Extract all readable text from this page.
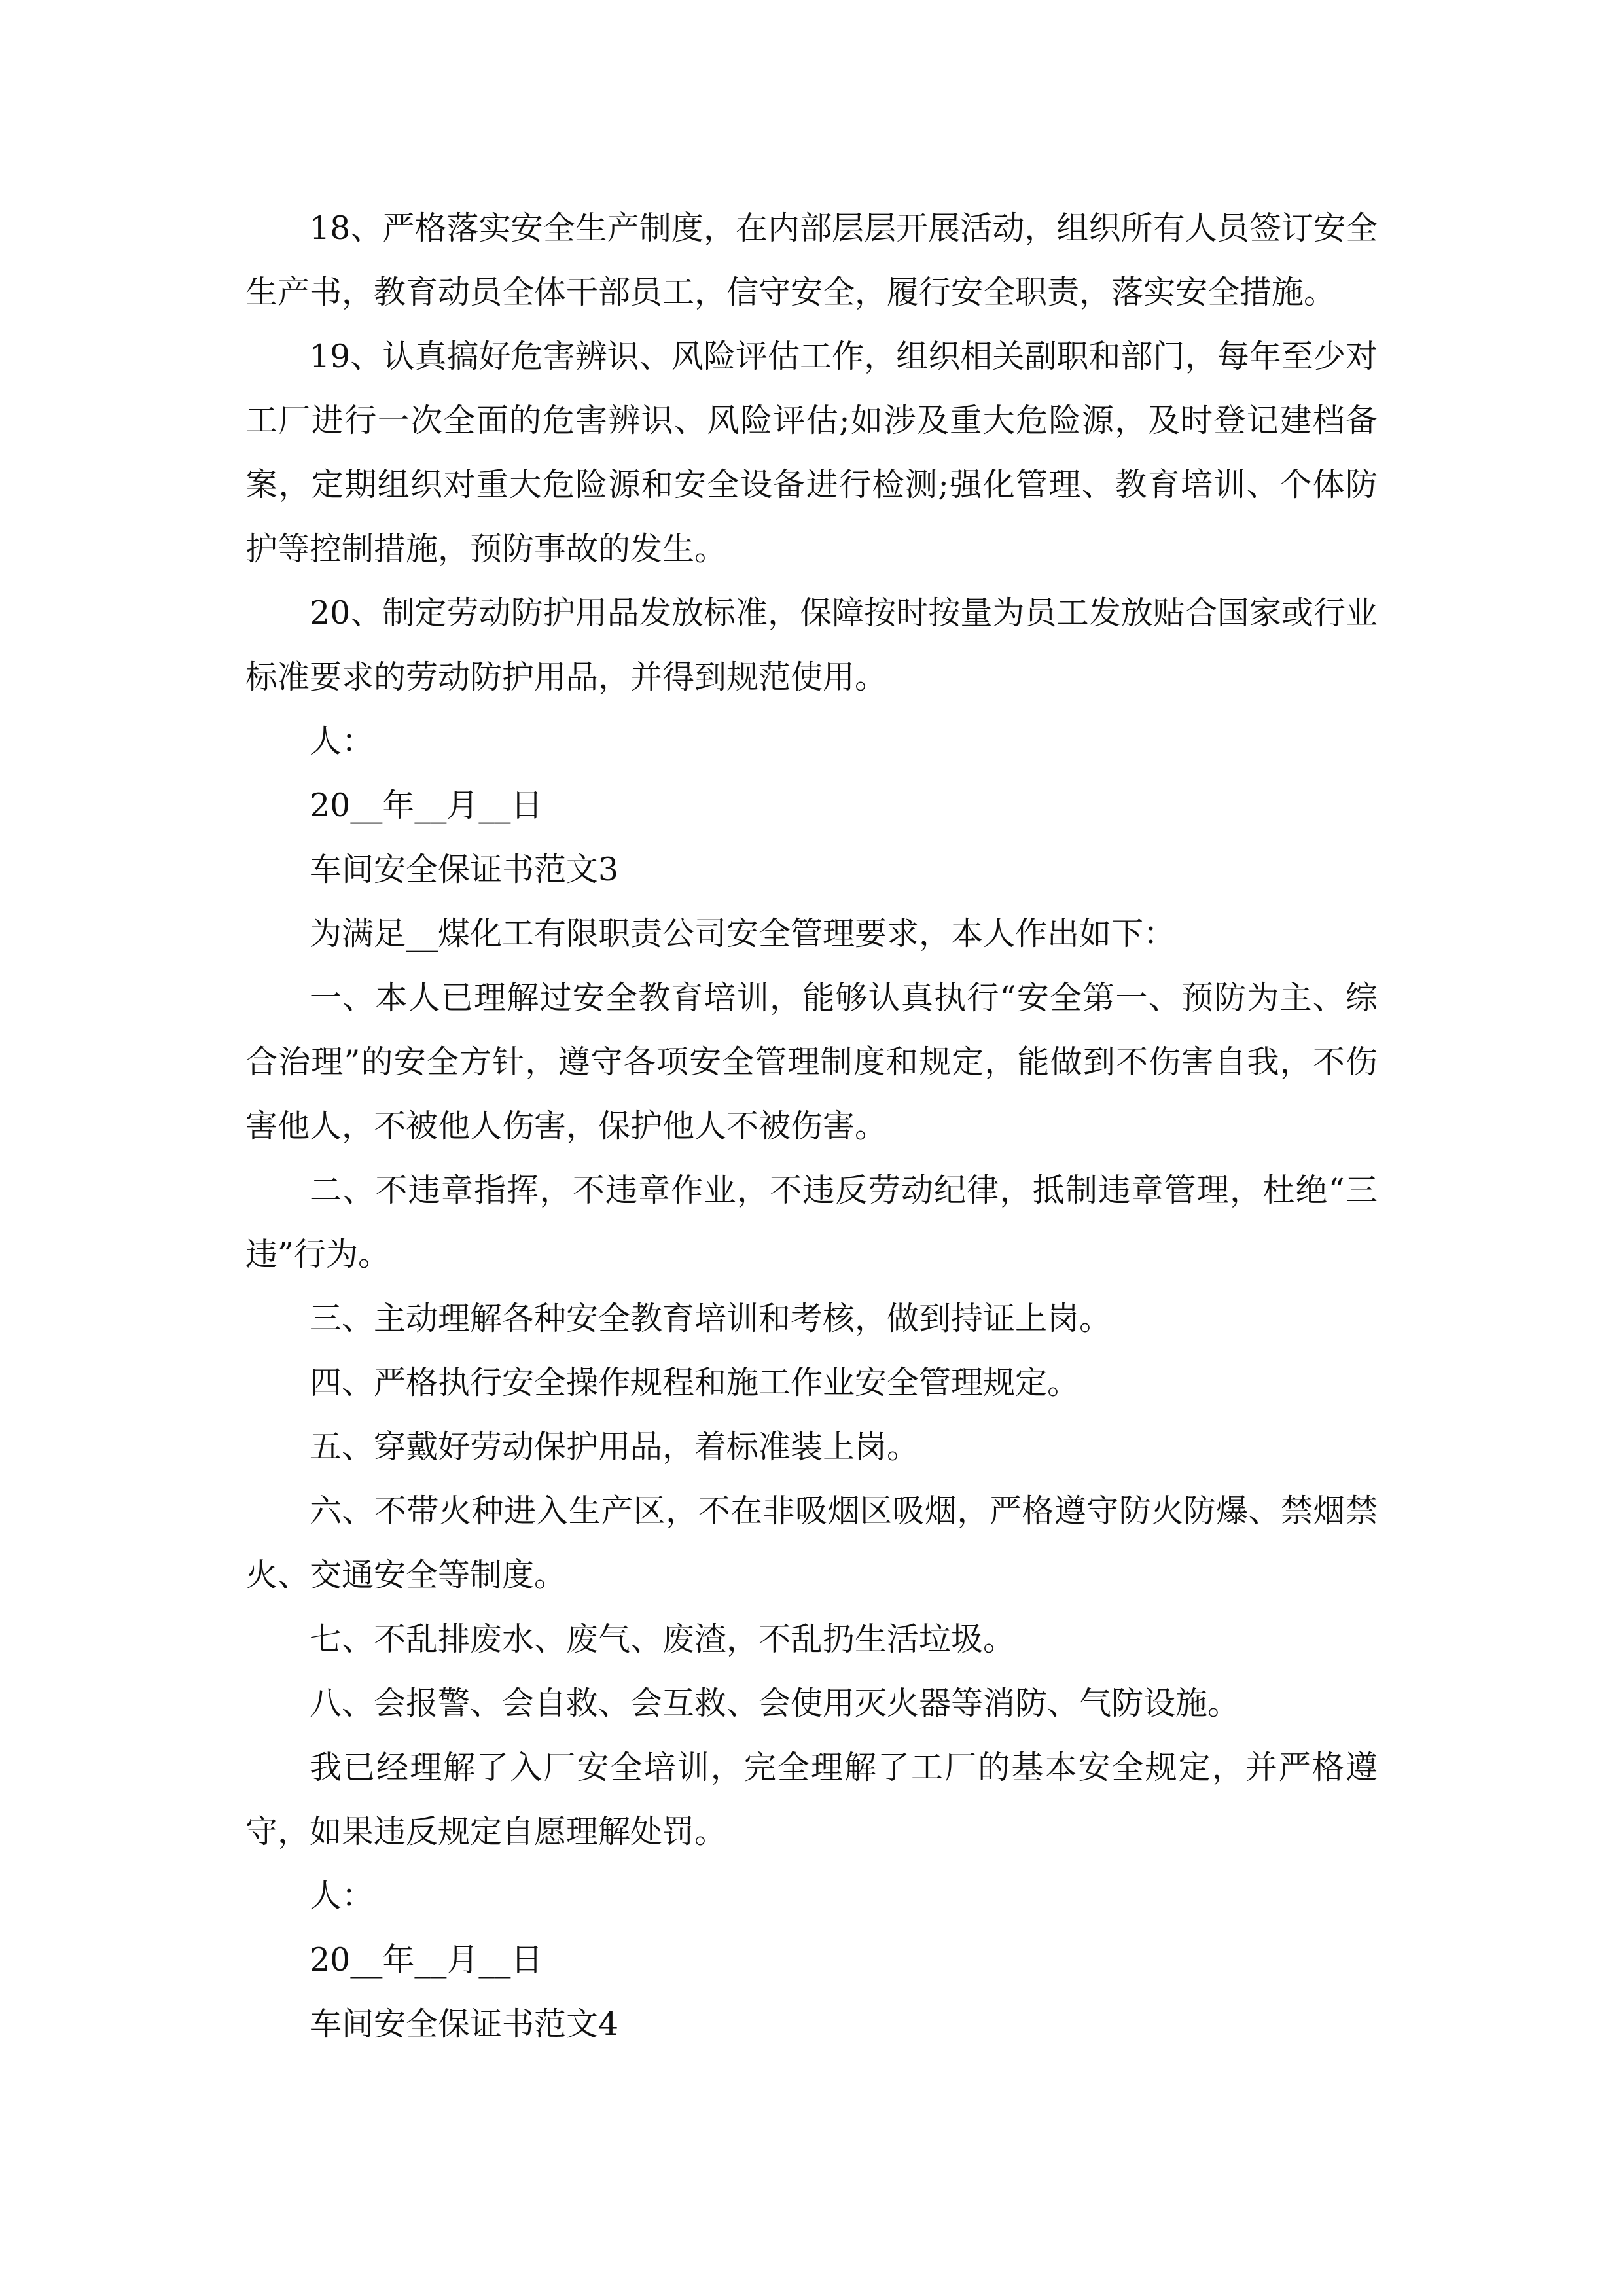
18、严格落实安全生产制度，在内部层层开展活动，组织所有人员签订安全生产书，教育动员全体干部员工，信守安全，履行安全职责，落实安全措施。

19、认真搞好危害辨识、风险评估工作，组织相关副职和部门，每年至少对工厂进行一次全面的危害辨识、风险评估;如涉及重大危险源，及时登记建档备案，定期组织对重大危险源和安全设备进行检测;强化管理、教育培训、个体防护等控制措施，预防事故的发生。

20、制定劳动防护用品发放标准，保障按时按量为员工发放贴合国家或行业标准要求的劳动防护用品，并得到规范使用。

人：

20__年__月__日

车间安全保证书范文3

为满足__煤化工有限职责公司安全管理要求，本人作出如下：

一、本人已理解过安全教育培训，能够认真执行“安全第一、预防为主、综合治理”的安全方针，遵守各项安全管理制度和规定，能做到不伤害自我，不伤害他人，不被他人伤害，保护他人不被伤害。

二、不违章指挥，不违章作业，不违反劳动纪律，抵制违章管理，杜绝“三违”行为。

三、主动理解各种安全教育培训和考核，做到持证上岗。

四、严格执行安全操作规程和施工作业安全管理规定。

五、穿戴好劳动保护用品，着标准装上岗。

六、不带火种进入生产区，不在非吸烟区吸烟，严格遵守防火防爆、禁烟禁火、交通安全等制度。

七、不乱排废水、废气、废渣，不乱扔生活垃圾。

八、会报警、会自救、会互救、会使用灭火器等消防、气防设施。

我已经理解了入厂安全培训，完全理解了工厂的基本安全规定，并严格遵守，如果违反规定自愿理解处罚。

人：

20__年__月__日

车间安全保证书范文4
